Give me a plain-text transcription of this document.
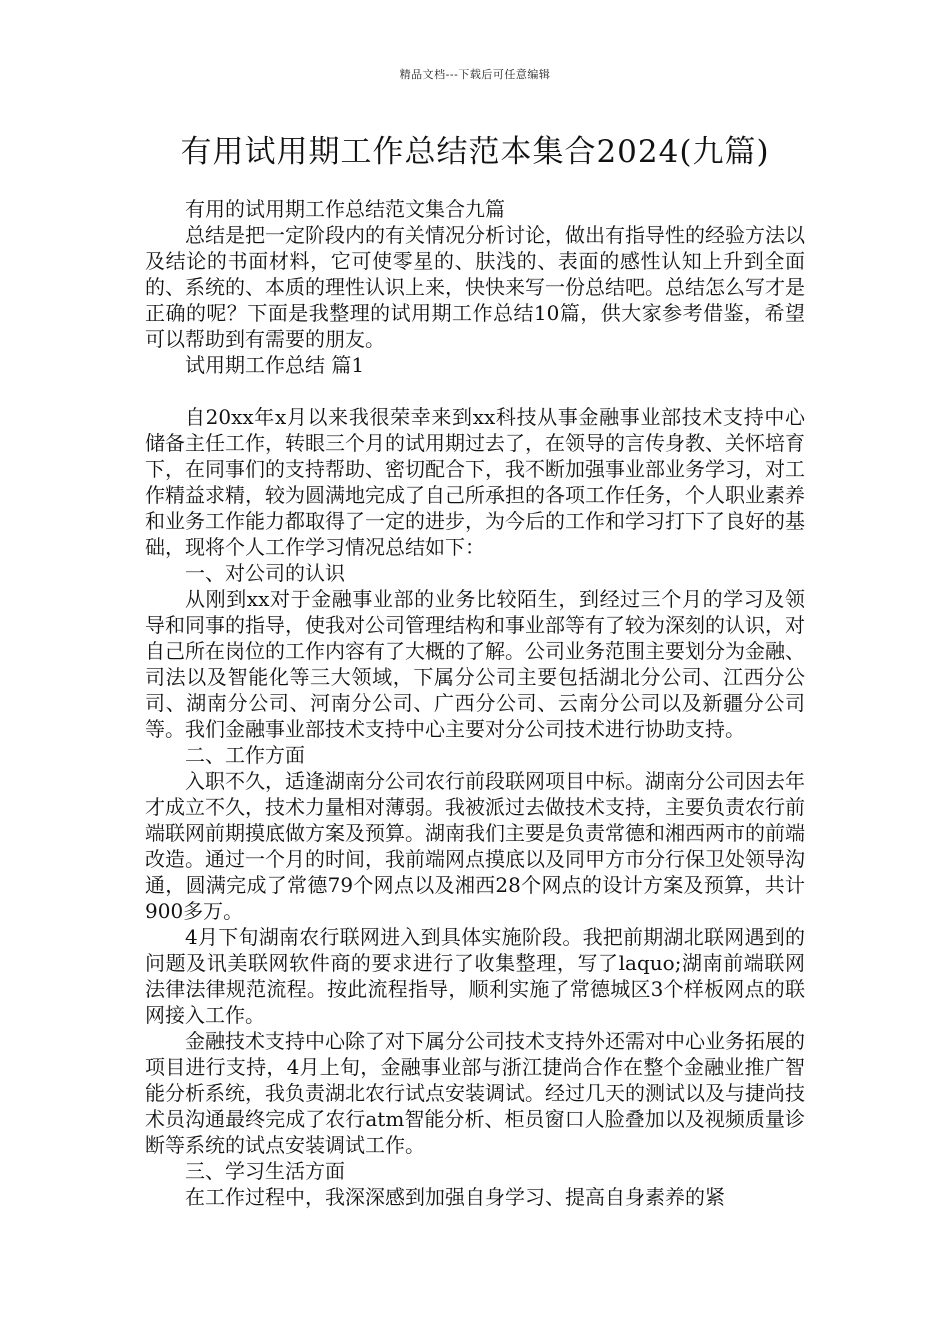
精品文档---下载后可任意编辑
有用试用期工作总结范本集合2024(九篇)

有用的试用期工作总结范文集合九篇

总结是把一定阶段内的有关情况分析讨论，做出有指导性的经验方法以及结论的书面材料，它可使零星的、肤浅的、表面的感性认知上升到全面的、系统的、本质的理性认识上来，快快来写一份总结吧。总结怎么写才是正确的呢？下面是我整理的试用期工作总结10篇，供大家参考借鉴，希望可以帮助到有需要的朋友。

试用期工作总结 篇1

自20xx年x月以来我很荣幸来到xx科技从事金融事业部技术支持中心储备主任工作，转眼三个月的试用期过去了，在领导的言传身教、关怀培育下，在同事们的支持帮助、密切配合下，我不断加强事业部业务学习，对工作精益求精，较为圆满地完成了自己所承担的各项工作任务，个人职业素养和业务工作能力都取得了一定的进步，为今后的工作和学习打下了良好的基础，现将个人工作学习情况总结如下：

一、对公司的认识

从刚到xx对于金融事业部的业务比较陌生，到经过三个月的学习及领导和同事的指导，使我对公司管理结构和事业部等有了较为深刻的认识，对自己所在岗位的工作内容有了大概的了解。公司业务范围主要划分为金融、司法以及智能化等三大领域，下属分公司主要包括湖北分公司、江西分公司、湖南分公司、河南分公司、广西分公司、云南分公司以及新疆分公司等。我们金融事业部技术支持中心主要对分公司技术进行协助支持。

二、工作方面

入职不久，适逢湖南分公司农行前段联网项目中标。湖南分公司因去年才成立不久，技术力量相对薄弱。我被派过去做技术支持，主要负责农行前端联网前期摸底做方案及预算。湖南我们主要是负责常德和湘西两市的前端改造。通过一个月的时间，我前端网点摸底以及同甲方市分行保卫处领导沟通，圆满完成了常德79个网点以及湘西28个网点的设计方案及预算，共计900多万。

4月下旬湖南农行联网进入到具体实施阶段。我把前期湖北联网遇到的问题及讯美联网软件商的要求进行了收集整理，写了laquo;湖南前端联网法律法律规范流程。按此流程指导，顺利实施了常德城区3个样板网点的联网接入工作。

金融技术支持中心除了对下属分公司技术支持外还需对中心业务拓展的项目进行支持，4月上旬，金融事业部与浙江捷尚合作在整个金融业推广智能分析系统，我负责湖北农行试点安装调试。经过几天的测试以及与捷尚技术员沟通最终完成了农行atm智能分析、柜员窗口人脸叠加以及视频质量诊断等系统的试点安装调试工作。

三、学习生活方面

在工作过程中，我深深感到加强自身学习、提高自身素养的紧
